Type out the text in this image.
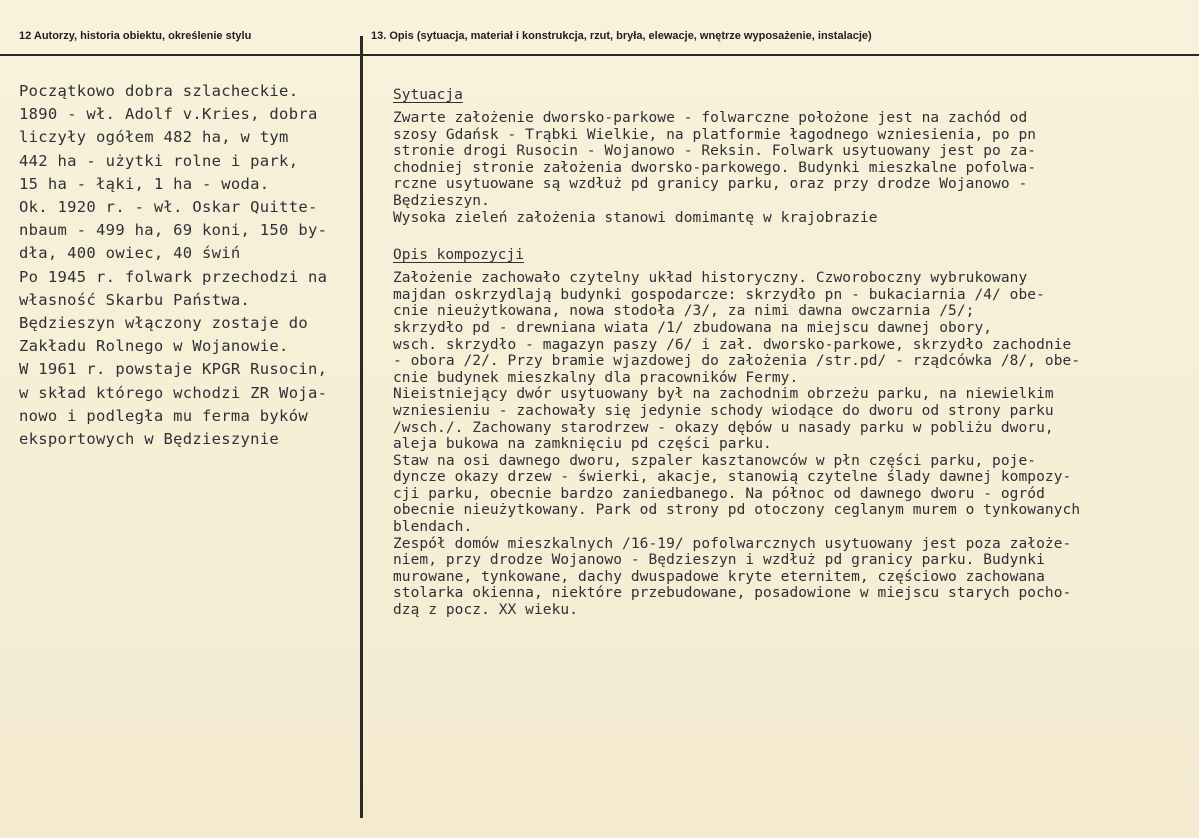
12 Autorzy, historia obiektu, określenie stylu	13. Opis (sytuacja, materiał i konstrukcja, rzut, bryła, elewacje, wnętrze wyposażenie, instalacje)
Początkowo dobra szlacheckie.
1890 - wł. Adolf v.Kries, dobra
liczyły ogółem 482 ha, w tym
442 ha - użytki rolne i park,
15 ha - łąki, 1 ha - woda.
Ok. 1920 r. - wł. Oskar Quitte-
nbaum - 499 ha, 69 koni, 150 by-
dła, 400 owiec, 40 świń
Po 1945 r. folwark przechodzi na
własność Skarbu Państwa.
Będzieszyn włączony zostaje do
Zakładu Rolnego w Wojanowie.
W 1961 r. powstaje KPGR Rusocin,
w skład którego wchodzi ZR Woja-
nowo i podległa mu ferma byków
eksportowych w Będzieszynie
Sytuacja
Zwarte założenie dworsko-parkowe - folwarczne położone jest na zachód od
szosy Gdańsk - Trąbki Wielkie, na platformie łagodnego wzniesienia, po pn
stronie drogi Rusocin - Wojanowo - Reksin. Folwark usytuowany jest po za-
chodniej stronie założenia dworsko-parkowego. Budynki mieszkalne pofolwa-
rczne usytuowane są wzdłuż pd granicy parku, oraz przy drodze Wojanowo -
Będzieszyn.
Wysoka zieleń założenia stanowi domimantę w krajobrazie
Opis kompozycji
Założenie zachowało czytelny układ historyczny. Czworoboczny wybrukowany
majdan oskrzydlają budynki gospodarcze: skrzydło pn - bukaciarnia /4/ obe-
cnie nieużytkowana, nowa stodoła /3/, za nimi dawna owczarnia /5/;
skrzydło pd - drewniana wiata /1/ zbudowana na miejscu dawnej obory,
wsch. skrzydło - magazyn paszy /6/ i zał. dworsko-parkowe, skrzydło zachodnie
- obora /2/. Przy bramie wjazdowej do założenia /str.pd/ - rządcówka /8/, obe-
cnie budynek mieszkalny dla pracowników Fermy.
Nieistniejący dwór usytuowany był na zachodnim obrzeżu parku, na niewielkim
wzniesieniu - zachowały się jedynie schody wiodące do dworu od strony parku
/wsch./. Zachowany starodrzew - okazy dębów u nasady parku w pobliżu dworu,
aleja bukowa na zamknięciu pd części parku.
Staw na osi dawnego dworu, szpaler kasztanowców w płn części parku, poje-
dyncze okazy drzew - świerki, akacje, stanowią czytelne ślady dawnej kompozy-
cji parku, obecnie bardzo zaniedbanego. Na północ od dawnego dworu - ogród
obecnie nieużytkowany. Park od strony pd otoczony ceglanym murem o tynkowanych
blendach.
Zespół domów mieszkalnych /16-19/ pofolwarcznych usytuowany jest poza założe-
niem, przy drodze Wojanowo - Będzieszyn i wzdłuż pd granicy parku. Budynki
murowane, tynkowane, dachy dwuspadowe kryte eternitem, częściowo zachowana
stolarka okienna, niektóre przebudowane, posadowione w miejscu starych pocho-
dzą z pocz. XX wieku.
